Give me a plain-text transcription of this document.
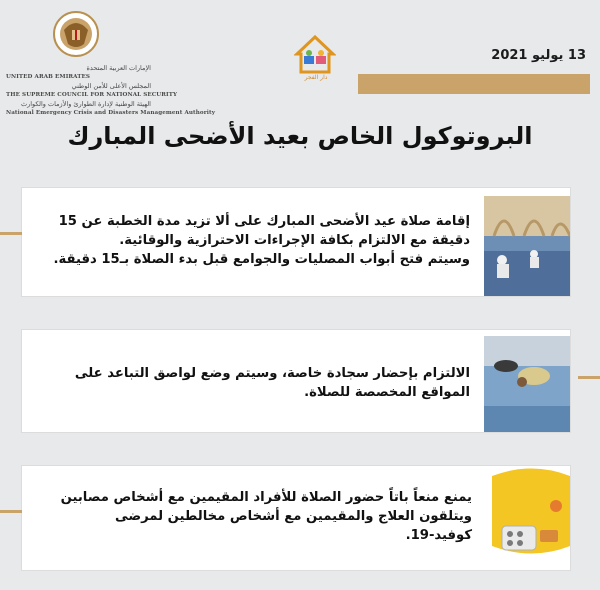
الإمارات العربية المتحدة
UNITED ARAB EMIRATES
المجلس الأعلى للأمن الوطني
THE SUPREME COUNCIL FOR NATIONAL SECURITY
الهيئة الوطنية لإدارة الطوارئ والأزمات والكوارث
National Emergency Crisis and Disasters Management Authority
دار الفجر
13 يوليو 2021
البروتوكول الخاص بعيد الأضحى المبارك
إقامة صلاة عيد الأضحى المبارك على ألا تزيد مدة الخطبة عن 15
دقيقة مع الالتزام بكافة الإجراءات الاحترازية والوقائية.
وسيتم فتح أبواب المصليات والجوامع قبل بدء الصلاة بـ15 دقيقة.
الالتزام بإحضار سجادة خاصة، وسيتم وضع لواصق التباعد على
المواقع المخصصة للصلاة.
يمنع منعاً باتاً حضور الصلاة للأفراد المقيمين مع أشخاص مصابين
ويتلقون العلاج والمقيمين مع أشخاص مخالطين لمرضى
كوفيد-19.
